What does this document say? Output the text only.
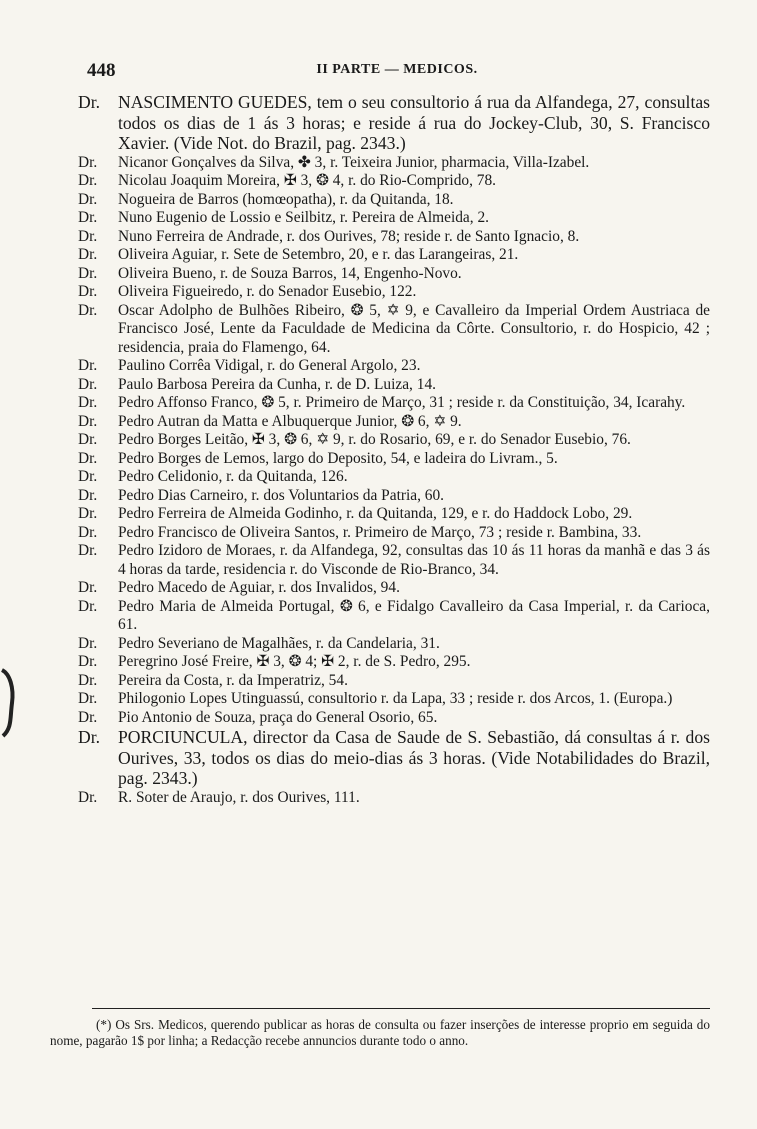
448	II PARTE — MEDICOS.

Dr. NASCIMENTO GUEDES, tem o seu consultorio á rua da Alfandega, 27, consultas todos os dias de 1 ás 3 horas; e reside á rua do Jockey-Club, 30, S. Francisco Xavier. (Vide Not. do Brazil, pag. 2343.)

Dr. Nicanor Gonçalves da Silva, ✤ 3, r. Teixeira Junior, pharmacia, Villa-Izabel.

Dr. Nicolau Joaquim Moreira, ✠ 3, ❂ 4, r. do Rio-Comprido, 78.

Dr. Nogueira de Barros (homœopatha), r. da Quitanda, 18.

Dr. Nuno Eugenio de Lossio e Seilbitz, r. Pereira de Almeida, 2.

Dr. Nuno Ferreira de Andrade, r. dos Ourives, 78; reside r. de Santo Ignacio, 8.

Dr. Oliveira Aguiar, r. Sete de Setembro, 20, e r. das Larangeiras, 21.

Dr. Oliveira Bueno, r. de Souza Barros, 14, Engenho-Novo.

Dr. Oliveira Figueiredo, r. do Senador Eusebio, 122.

Dr. Oscar Adolpho de Bulhões Ribeiro, ❂ 5, ✡ 9, e Cavalleiro da Imperial Ordem Austriaca de Francisco José, Lente da Faculdade de Medicina da Côrte. Consultorio, r. do Hospicio, 42 ; residencia, praia do Flamengo, 64.

Dr. Paulino Corrêa Vidigal, r. do General Argolo, 23.

Dr. Paulo Barbosa Pereira da Cunha, r. de D. Luiza, 14.

Dr. Pedro Affonso Franco, ❂ 5, r. Primeiro de Março, 31 ; reside r. da Constituição, 34, Icarahy.

Dr. Pedro Autran da Matta e Albuquerque Junior, ❂ 6, ✡ 9.

Dr. Pedro Borges Leitão, ✠ 3, ❂ 6, ✡ 9, r. do Rosario, 69, e r. do Senador Eusebio, 76.

Dr. Pedro Borges de Lemos, largo do Deposito, 54, e ladeira do Livram., 5.

Dr. Pedro Celidonio, r. da Quitanda, 126.

Dr. Pedro Dias Carneiro, r. dos Voluntarios da Patria, 60.

Dr. Pedro Ferreira de Almeida Godinho, r. da Quitanda, 129, e r. do Haddock Lobo, 29.

Dr. Pedro Francisco de Oliveira Santos, r. Primeiro de Março, 73 ; reside r. Bambina, 33.

Dr. Pedro Izidoro de Moraes, r. da Alfandega, 92, consultas das 10 ás 11 horas da manhã e das 3 ás 4 horas da tarde, residencia r. do Visconde de Rio-Branco, 34.

Dr. Pedro Macedo de Aguiar, r. dos Invalidos, 94.

Dr. Pedro Maria de Almeida Portugal, ❂ 6, e Fidalgo Cavalleiro da Casa Imperial, r. da Carioca, 61.

Dr. Pedro Severiano de Magalhães, r. da Candelaria, 31.

Dr. Peregrino José Freire, ✠ 3, ❂ 4; ✠ 2, r. de S. Pedro, 295.

Dr. Pereira da Costa, r. da Imperatriz, 54.

Dr. Philogonio Lopes Utinguassú, consultorio r. da Lapa, 33 ; reside r. dos Arcos, 1. (Europa.)

Dr. Pio Antonio de Souza, praça do General Osorio, 65.

Dr. PORCIUNCULA, director da Casa de Saude de S. Sebastião, dá consultas á r. dos Ourives, 33, todos os dias do meio-dias ás 3 horas. (Vide Notabilidades do Brazil, pag. 2343.)

Dr. R. Soter de Araujo, r. dos Ourives, 111.

(*) Os Srs. Medicos, querendo publicar as horas de consulta ou fazer inserções de interesse proprio em seguida do nome, pagarão 1$ por linha; a Redacção recebe annuncios durante todo o anno.
